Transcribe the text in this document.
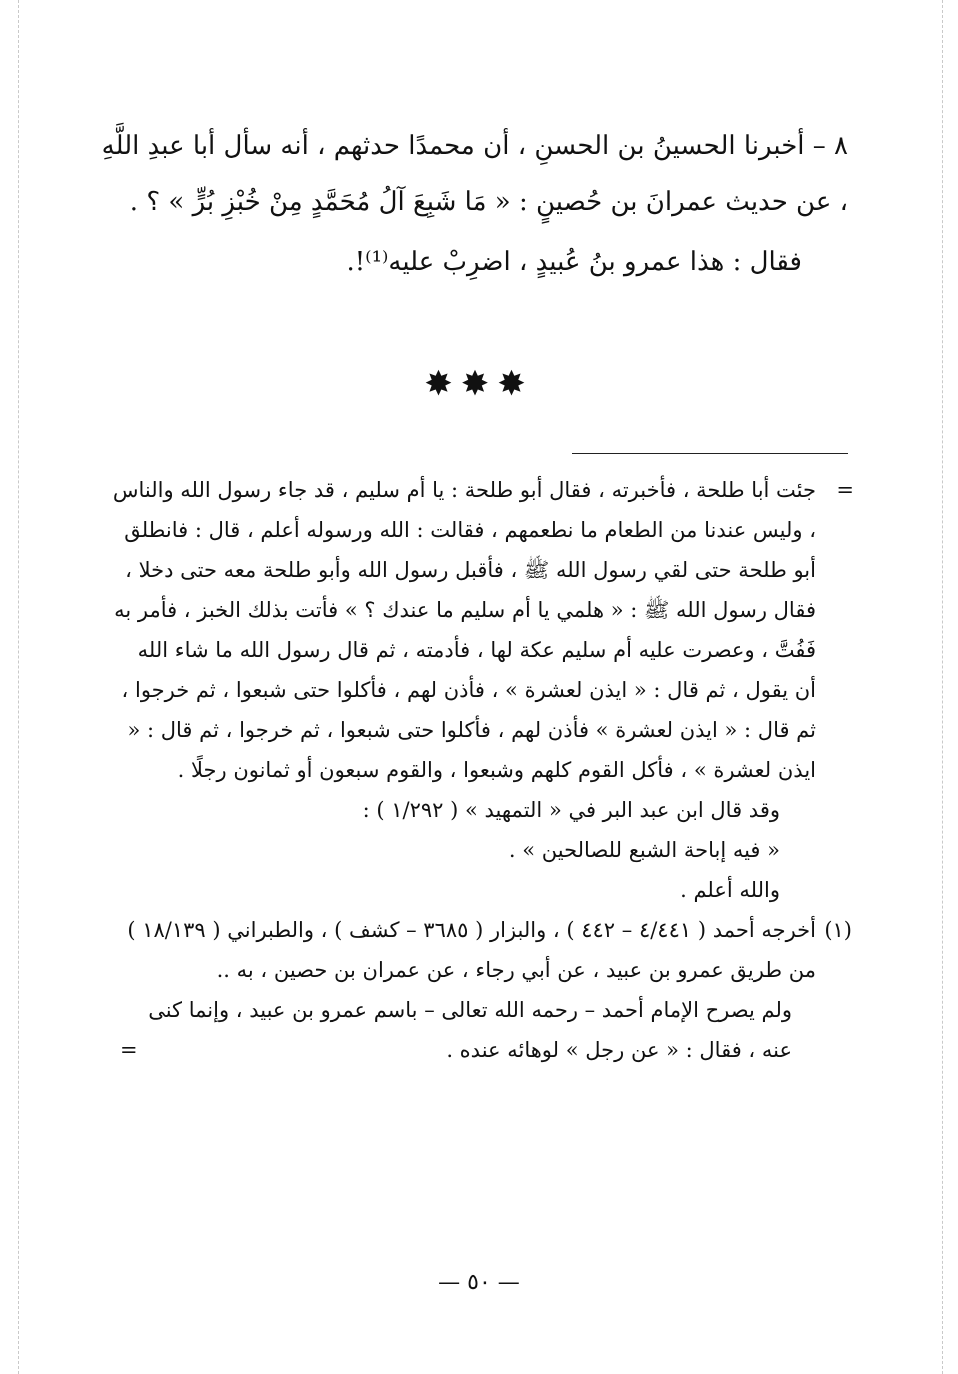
٨ – أخبرنا الحسينُ بن الحسنِ ، أن محمدًا حدثهم ، أنه سأل أبا عبدِ اللَّهِ ، عن حديث عمرانَ بن حُصينٍ : « مَا شَبِعَ آلُ مُحَمَّدٍ مِنْ خُبْزِ بُرٍّ » ؟ .

فقال : هذا عمرو بنُ عُبيدٍ ، اضرِبْ عليه⁽¹⁾!.

✸✸✸
=

جئت أبا طلحة ، فأخبرته ، فقال أبو طلحة : يا أم سليم ، قد جاء رسول الله والناس ، وليس عندنا من الطعام ما نطعمهم ، فقالت : الله ورسوله أعلم ، قال : فانطلق أبو طلحة حتى لقي رسول الله ﷺ ، فأقبل رسول الله وأبو طلحة معه حتى دخلا ، فقال رسول الله ﷺ : « هلمي يا أم سليم ما عندك ؟ » فأتت بذلك الخبز ، فأمر به فَفُتَّ ، وعصرت عليه أم سليم عكة لها ، فأدمته ، ثم قال رسول الله ما شاء الله أن يقول ، ثم قال : « ايذن لعشرة » ، فأذن لهم ، فأكلوا حتى شبعوا ، ثم خرجوا ، ثم قال : « ايذن لعشرة » فأذن لهم ، فأكلوا حتى شبعوا ، ثم خرجوا ، ثم قال : « ايذن لعشرة » ، فأكل القوم كلهم وشبعوا ، والقوم سبعون أو ثمانون رجلًا .

وقد قال ابن عبد البر في « التمهيد » ( ١/٢٩٢ ) :

« فيه إباحة الشبع للصالحين » .

والله أعلم .

(١)

أخرجه أحمد ( ٤/٤٤١ – ٤٤٢ ) ، والبزار ( ٣٦٨٥ – كشف ) ، والطبراني ( ١٨/١٣٩ ) من طريق عمرو بن عبيد ، عن أبي رجاء ، عن عمران بن حصين ، به ..

ولم يصرح الإمام أحمد – رحمه الله تعالى – باسم عمرو بن عبيد ، وإنما كنى عنه ، فقال : « عن رجل » لوهائه عنده .

=
— ٥٠ —
